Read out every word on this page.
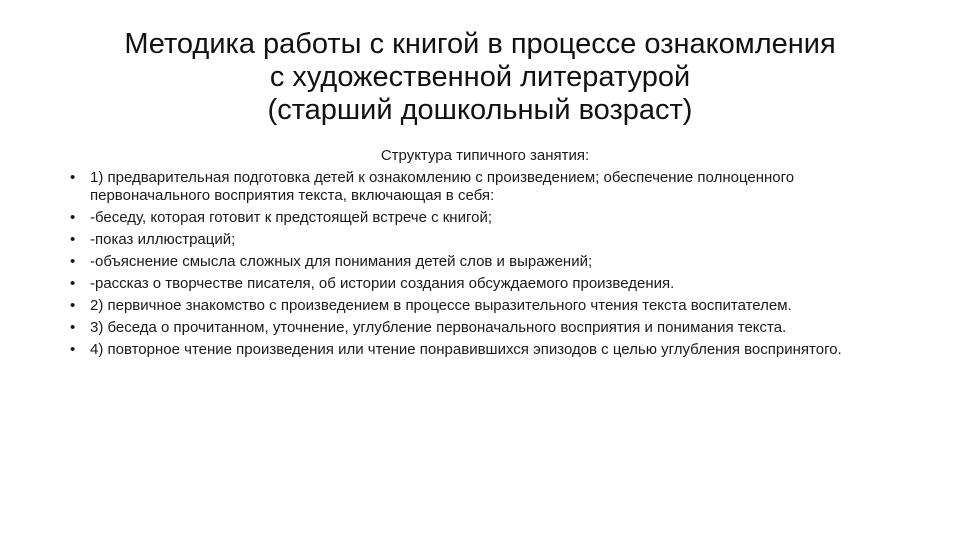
Методика работы с книгой в процессе ознакомления
с художественной литературой
(старший дошкольный возраст)
Структура типичного занятия:
• 1) предварительная подготовка детей к ознакомлению с произведением; обеспечение полноценного первоначального восприятия текста, включающая в себя:
• -беседу, которая готовит к предстоящей встрече с книгой;
• -показ иллюстраций;
• -объяснение смысла сложных для понимания детей слов и выражений;
• -рассказ о творчестве писателя, об истории создания обсуждаемого произведения.
• 2) первичное знакомство с произведением в процессе выразительного чтения текста воспитателем.
• 3) беседа о прочитанном, уточнение, углубление первоначального восприятия и понимания текста.
• 4) повторное чтение произведения или чтение понравившихся эпизодов с целью углубления воспринятого.
